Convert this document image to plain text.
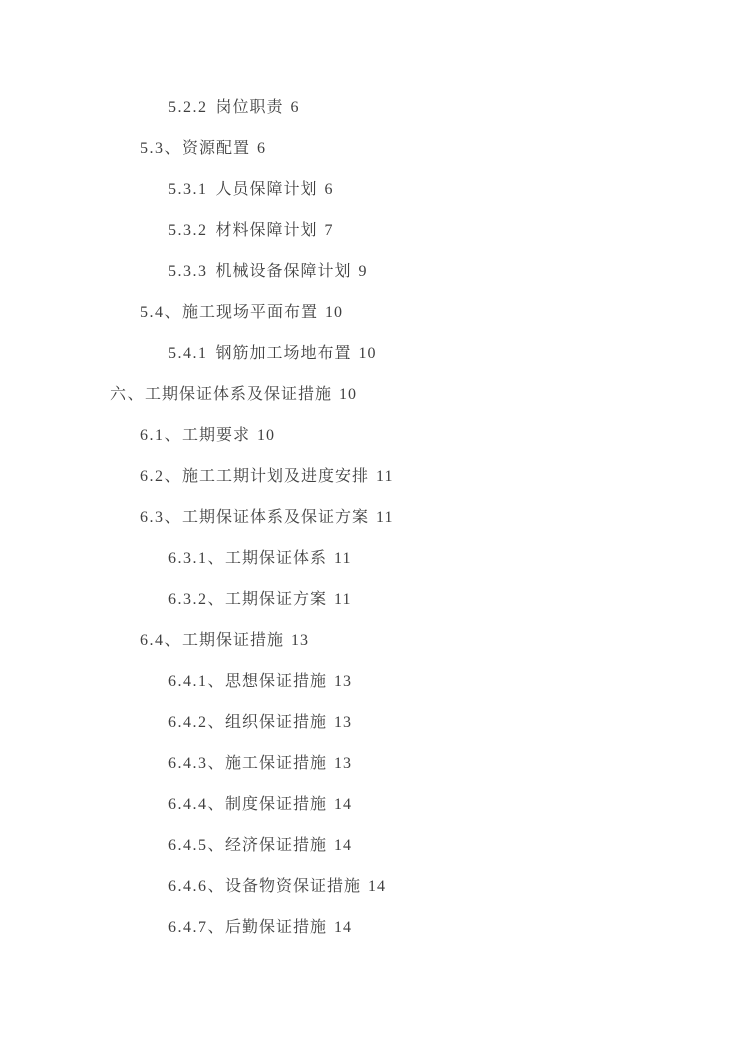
5.2.2 岗位职责 6
5.3、资源配置 6
5.3.1 人员保障计划 6
5.3.2 材料保障计划 7
5.3.3 机械设备保障计划 9
5.4、施工现场平面布置 10
5.4.1 钢筋加工场地布置 10
六、工期保证体系及保证措施 10
6.1、工期要求 10
6.2、施工工期计划及进度安排 11
6.3、工期保证体系及保证方案 11
6.3.1、工期保证体系 11
6.3.2、工期保证方案 11
6.4、工期保证措施 13
6.4.1、思想保证措施 13
6.4.2、组织保证措施 13
6.4.3、施工保证措施 13
6.4.4、制度保证措施 14
6.4.5、经济保证措施 14
6.4.6、设备物资保证措施 14
6.4.7、后勤保证措施 14
